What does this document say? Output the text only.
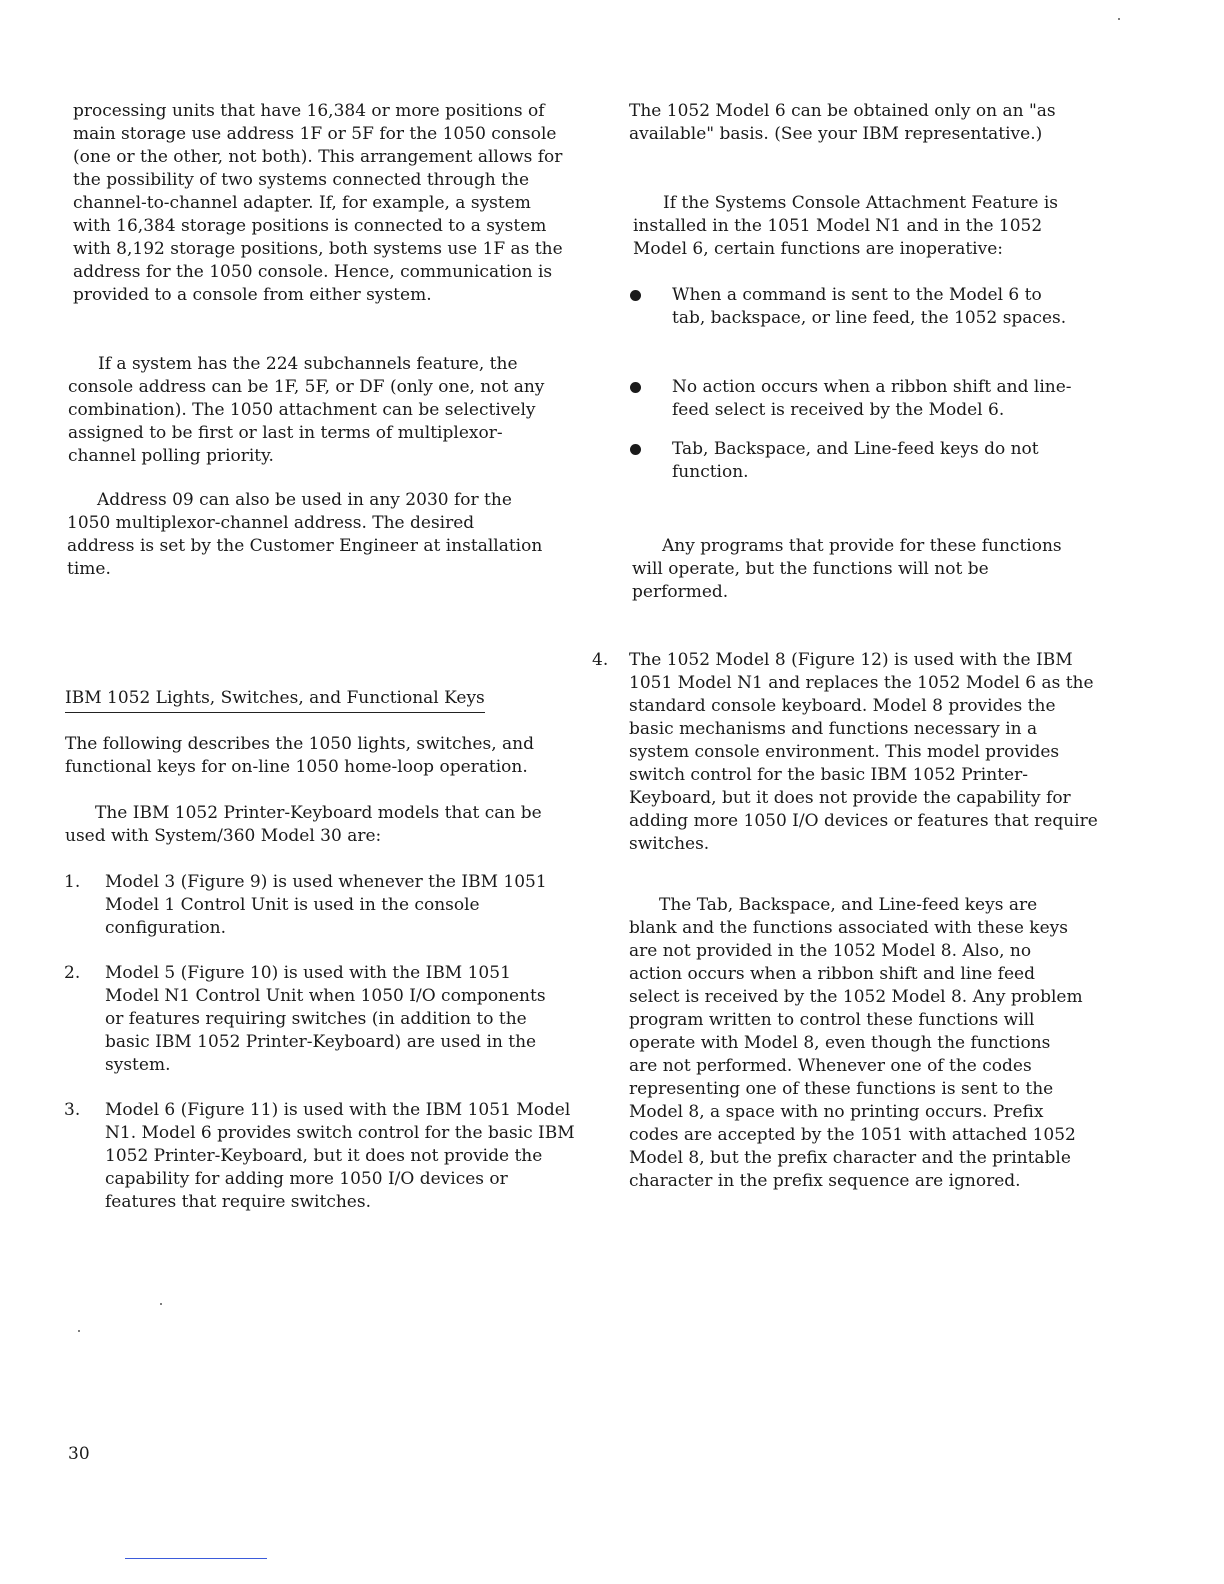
processing units that have 16,384 or more positions of main storage use address 1F or 5F for the 1050 console (one or the other, not both). This arrangement allows for the possibility of two systems connected through the channel-to-channel adapter. If, for example, a system with 16,384 storage positions is connected to a system with 8,192 storage positions, both systems use 1F as the address for the 1050 console. Hence, communication is provided to a console from either system.

If a system has the 224 subchannels feature, the console address can be 1F, 5F, or DF (only one, not any combination). The 1050 attachment can be selectively assigned to be first or last in terms of multiplexor-channel polling priority.

Address 09 can also be used in any 2030 for the 1050 multiplexor-channel address. The desired address is set by the Customer Engineer at installation time.

IBM 1052 Lights, Switches, and Functional Keys

The following describes the 1050 lights, switches, and functional keys for on-line 1050 home-loop operation.

The IBM 1052 Printer-Keyboard models that can be used with System/360 Model 30 are:

1. Model 3 (Figure 9) is used whenever the IBM 1051 Model 1 Control Unit is used in the console configuration.
2. Model 5 (Figure 10) is used with the IBM 1051 Model N1 Control Unit when 1050 I/O components or features requiring switches (in addition to the basic IBM 1052 Printer-Keyboard) are used in the system.
3. Model 6 (Figure 11) is used with the IBM 1051 Model N1. Model 6 provides switch control for the basic IBM 1052 Printer-Keyboard, but it does not provide the capability for adding more 1050 I/O devices or features that require switches.

The 1052 Model 6 can be obtained only on an "as available" basis. (See your IBM representative.)

If the Systems Console Attachment Feature is installed in the 1051 Model N1 and in the 1052 Model 6, certain functions are inoperative:

When a command is sent to the Model 6 to tab, backspace, or line feed, the 1052 spaces.
No action occurs when a ribbon shift and line-feed select is received by the Model 6.
Tab, Backspace, and Line-feed keys do not function.

Any programs that provide for these functions will operate, but the functions will not be performed.

4. The 1052 Model 8 (Figure 12) is used with the IBM 1051 Model N1 and replaces the 1052 Model 6 as the standard console keyboard. Model 8 provides the basic mechanisms and functions necessary in a system console environment. This model provides switch control for the basic IBM 1052 Printer-Keyboard, but it does not provide the capability for adding more 1050 I/O devices or features that require switches.

The Tab, Backspace, and Line-feed keys are blank and the functions associated with these keys are not provided in the 1052 Model 8. Also, no action occurs when a ribbon shift and line feed select is received by the 1052 Model 8. Any problem program written to control these functions will operate with Model 8, even though the functions are not performed. Whenever one of the codes representing one of these functions is sent to the Model 8, a space with no printing occurs. Prefix codes are accepted by the 1051 with attached 1052 Model 8, but the prefix character and the printable character in the prefix sequence are ignored.

30
